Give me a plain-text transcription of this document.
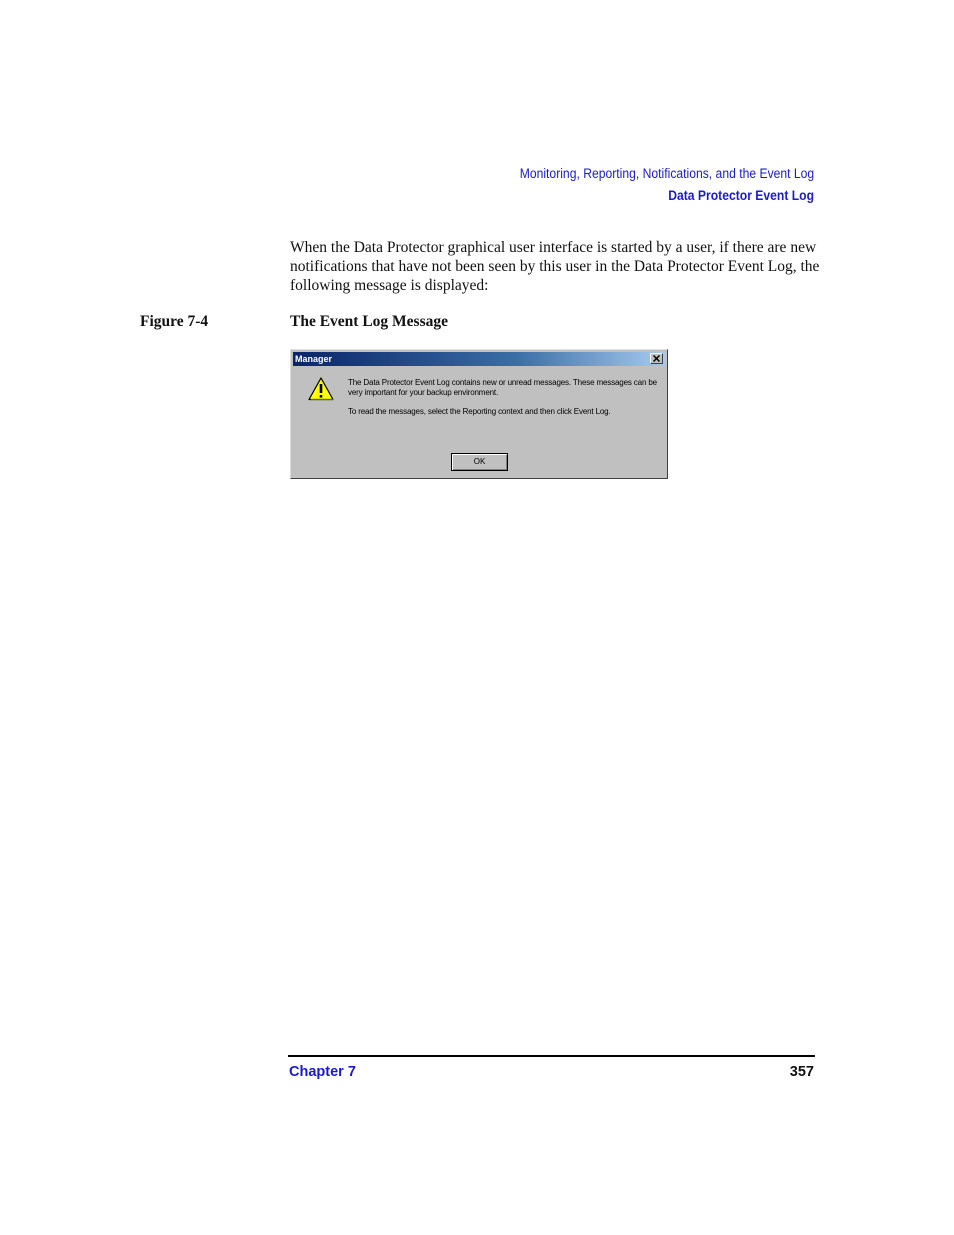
Monitoring, Reporting, Notifications, and the Event Log
Data Protector Event Log
When the Data Protector graphical user interface is started by a user, if there are new notifications that have not been seen by this user in the Data Protector Event Log, the following message is displayed:
Figure 7-4	The Event Log Message
Manager

The Data Protector Event Log contains new or unread messages. These messages can be very important for your backup environment.

To read the messages, select the Reporting context and then click Event Log.

OK
Chapter 7	357
